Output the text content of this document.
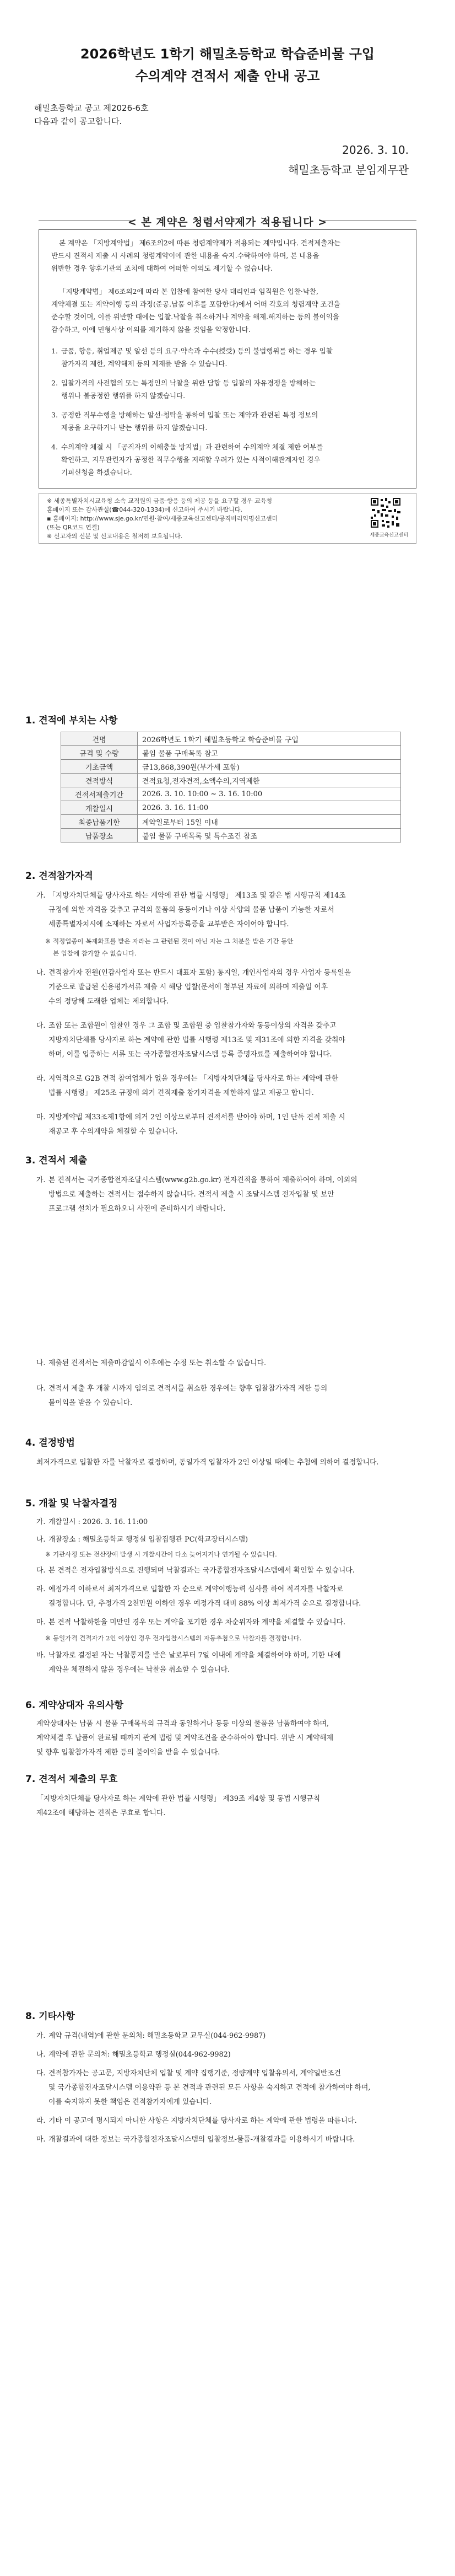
2026학년도 1학기 해밀초등학교 학습준비물 구입
수의계약 견적서 제출 안내 공고
해밀초등학교 공고 제2026-6호
다음과 같이 공고합니다.
2026. 3. 10.
해밀초등학교 분임재무관
< 본 계약은 청렴서약제가 적용됩니다 >
본 계약은 「지방계약법」 제6조의2에 따른 청렴계약제가 적용되는 계약입니다. 견적제출자는
반드시 견적서 제출 시 사례의 청렴계약이에 관한 내용을 숙지․수락하여야 하며, 본 내용을
위반한 경우 향후기관의 조치에 대하여 어떠한 이의도 제기할 수 없습니다.
「지방계약법」 제6조의2에 따라 본 입찰에 참여한 당사 대리인과 임직원은 입찰·낙찰,
계약체결 또는 계약이행 등의 과정(준공․납품 이후를 포함한다)에서 어떠 각호의 청렴계약 조건을
준수할 것이며, 이를 위반할 때에는 입찰․낙찰을 취소하거나 계약을 해제․해지하는 등의 불이익을
감수하고, 이에 민형사상 이의를 제기하지 않을 것임을 약정합니다.
1. 금품, 향응, 취업제공 및 알선 등의 요구·약속과 수수(授受) 등의 불법행위를 하는 경우 입찰
참가자격 제한, 계약해제 등의 제재를 받을 수 있습니다.
2. 입찰가격의 사전협의 또는 특정인의 낙찰을 위한 담합 등 입찰의 자유경쟁을 방해하는
행위나 불공정한 행위를 하지 않겠습니다.
3. 공정한 직무수행을 방해하는 알선·청탁을 통하여 입찰 또는 계약과 관련된 특정 정보의
제공을 요구하거나 받는 행위를 하지 않겠습니다.
4. 수의계약 체결 시 「공직자의 이해충돌 방지법」과 관련하여 수의계약 체결 제한 여부를
확인하고, 지무관련자가 공정한 직무수행을 저해할 우려가 있는 사적이해관계자인 경우
기피신청을 하겠습니다.
※ 세종특별자치시교육청 소속 교직원의 금품·향응 등의 제공 등을 요구할 경우 교육청
홈페이지 또는 감사관실(☎044-320-1334)에 신고하여 주시기 바랍니다.
▪ 홈페이지: http://www.sje.go.kr/민원·참여/세종교육신고센터/공직비리익명신고센터
(또는 QR코드 연결)
※ 신고자의 신분 및 신고내용은 철저히 보호됩니다.	세종교육신고센터
1. 견적에 부치는 사항
건명	2026학년도 1학기 해밀초등학교 학습준비물 구입
규격 및 수량	붙임 물품 구매목록 참고
기초금액	금13,868,390원(부가세 포함)
견적방식	견적요청,전자견적,소액수의,지역제한
견적서제출기간	2026. 3. 10. 10:00 ~ 3. 16. 10:00
개찰일시	2026. 3. 16. 11:00
최종납품기한	계약일로부터 15일 이내
납품장소	붙임 물품 구매목록 및 특수조건 참조
2. 견적참가자격
가. 「지방자치단체를 당사자로 하는 계약에 관한 법률 시행령」 제13조 및 같은 법 시행규칙 제14조
규정에 의한 자격을 갖추고 규격의 물품의 동등이거나 이상 사양의 물품 납품이 가능한 자로서
세종특별자치시에 소재하는 자로서 사업자등록증을 교부받은 자이어야 합니다.
※ 적정업종이 복제화표를 받은 자라는 그 관련된 것이 아닌 자는 그 처분을 받은 기간 동안
본 입찰에 참가할 수 없습니다.
나. 견적참가자 전원(인감사업자 또는 반드시 대표자 포함) 통지일, 개인사업자의 경우 사업자 등록일을
기준으로 발급된 신용평가서류 제출 시 해당 입찰(문서에 첨부된 자료에 의하며 제출일 이후
수의 정당해 도래한 업체는 제외합니다.
다. 조합 또는 조합원이 입찰인 경우 그 조합 및 조합원 중 입찰참가자와 동등이상의 자격을 갖추고
지방자치단체를 당사자로 하는 계약에 관한 법률 시행령 제13조 및 제31조에 의한 자격을 갖춰야
하며, 이를 입증하는 서류 또는 국가종합전자조달시스템 등록 증명자료를 제출하여야 합니다.
라. 지역적으로 G2B 견적 참여업체가 없을 경우에는 「지방자치단체를 당사자로 하는 계약에 관한
법률 시행령」 제25조 규정에 의거 견적제출 참가자격을 제한하지 않고 재공고 합니다.
마. 지방계약법 제33조제1항에 의거 2인 이상으로부터 견적서를 받아야 하며, 1인 단독 견적 제출 시
재공고 후 수의계약을 체결할 수 있습니다.
3. 견적서 제출
가. 본 견적서는 국가종합전자조달시스템(www.g2b.go.kr) 전자견적을 통하여 제출하여야 하며, 이외의
방법으로 제출하는 견적서는 접수하지 않습니다. 견적서 제출 시 조달시스템 전자입찰 및 보안
프로그램 설치가 필요하오니 사전에 준비하시기 바랍니다.
나. 제출된 견적서는 제출마감일시 이후에는 수정 또는 취소할 수 없습니다.
다. 견적서 제출 후 개찰 시까지 임의로 견적서를 취소한 경우에는 향후 입찰참가자격 제한 등의
불이익을 받을 수 있습니다.
4. 결정방법
최저가격으로 입찰한 자를 낙찰자로 결정하며, 동일가격 입찰자가 2인 이상일 때에는 추첨에 의하여 결정합니다.
5. 개찰 및 낙찰자결정
가. 개찰일시 : 2026. 3. 16. 11:00
나. 개찰장소 : 해밀초등학교 행정실 입찰집행관 PC(학교장터시스템)
※ 기관사정 또는 전산장애 발생 시 개찰시간이 다소 늦어지거나 연기될 수 있습니다.
다. 본 견적은 전자입찰방식으로 진행되며 낙찰결과는 국가종합전자조달시스템에서 확인할 수 있습니다.
라. 예정가격 이하로서 최저가격으로 입찰한 자 순으로 계약이행능력 심사를 하여 적격자를 낙찰자로
결정합니다. 단, 추정가격 2천만원 이하인 경우 예정가격 대비 88% 이상 최저가격 순으로 결정합니다.
마. 본 견적 낙찰하한율 미만인 경우 또는 계약을 포기한 경우 차순위자와 계약을 체결할 수 있습니다.
※ 동일가격 견적자가 2인 이상인 경우 전자입찰시스템의 자동추첨으로 낙찰자를 결정합니다.
바. 낙찰자로 결정된 자는 낙찰통지를 받은 날로부터 7일 이내에 계약을 체결하여야 하며, 기한 내에
계약을 체결하지 않을 경우에는 낙찰을 취소할 수 있습니다.
6. 계약상대자 유의사항
계약상대자는 납품 시 물품 구매목록의 규격과 동일하거나 동등 이상의 물품을 납품하여야 하며,
계약체결 후 납품이 완료될 때까지 관계 법령 및 계약조건을 준수하여야 합니다. 위반 시 계약해제
및 향후 입찰참가자격 제한 등의 불이익을 받을 수 있습니다.
7. 견적서 제출의 무효
「지방자치단체를 당사자로 하는 계약에 관한 법률 시행령」 제39조 제4항 및 동법 시행규칙
제42조에 해당하는 견적은 무효로 합니다.
8. 기타사항
가. 계약 규격(내역)에 관한 문의처: 해밀초등학교 교무실(044-962-9987)
나. 계약에 관한 문의처: 해밀초등학교 행정실(044-962-9982)
다. 견적참가자는 공고문, 지방자치단체 입찰 및 계약 집행기준, 정량계약 입찰유의서, 계약일반조건
및 국가종합전자조달시스템 이용약관 등 본 견적과 관련된 모든 사항을 숙지하고 견적에 참가하여야 하며,
이를 숙지하지 못한 책임은 견적참가자에게 있습니다.
라. 기타 이 공고에 명시되지 아니한 사항은 지방자치단체를 당사자로 하는 계약에 관한 법령을 따릅니다.
마. 개찰결과에 대한 정보는 국가종합전자조달시스템의 입찰정보-물품-개찰결과를 이용하시기 바랍니다.
